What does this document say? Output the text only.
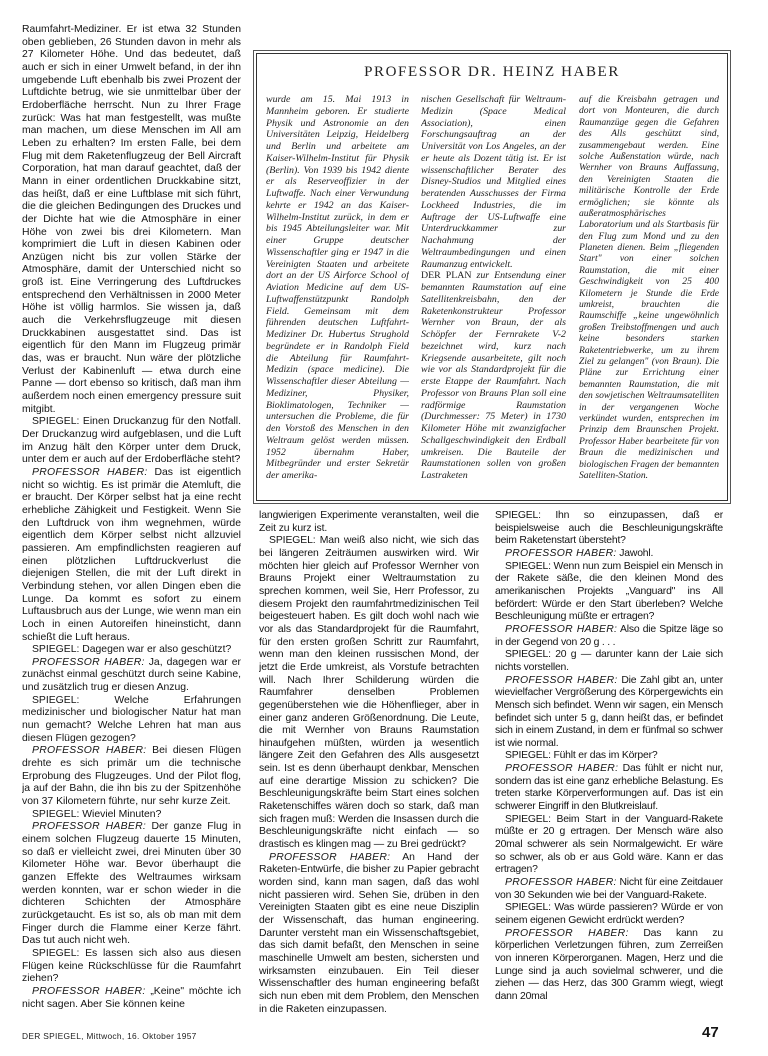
Raumfahrt-Mediziner. Er ist etwa 32 Stunden oben geblieben, 26 Stunden davon in mehr als 27 Kilometer Höhe. Und das bedeutet, daß auch er sich in einer Umwelt befand, in der ihn umgebende Luft ebenhalb bis zwei Prozent der Luftdichte betrug, wie sie unmittelbar über der Erdoberfläche herrscht. Nun zu Ihrer Frage zurück: Was hat man festgestellt, was mußte man machen, um diese Menschen im All am Leben zu erhalten? Im ersten Falle, bei dem Flug mit dem Raketenflugzeug der Bell Aircraft Corporation, hat man darauf geachtet, daß der Mann in einer ordentlichen Druckkabine sitzt, das heißt, daß er eine Luftblase mit sich führt, die die gleichen Bedingungen des Druckes und der Dichte hat wie die Atmosphäre in einer Höhe von zwei bis drei Kilometern. Man komprimiert die Luft in diesen Kabinen oder Anzügen nicht bis zur vollen Stärke der Atmosphäre, damit der Unterschied nicht so groß ist. Eine Verringerung des Luftdruckes entsprechend den Verhältnissen in 2000 Meter Höhe ist völlig harmlos. Sie wissen ja, daß auch die Verkehrsflugzeuge mit diesen Druckkabinen ausgestattet sind. Das ist eigentlich für den Mann im Flugzeug primär das, was er braucht. Nun wäre der plötzliche Verlust der Kabinenluft — etwa durch eine Panne — dort ebenso so kritisch, daß man ihm außerdem noch einen emergency pressure suit mitgibt.

SPIEGEL: Einen Druckanzug für den Notfall. Der Druckanzug wird aufgeblasen, und die Luft im Anzug hält den Körper unter dem Druck, unter dem er auch auf der Erdoberfläche steht?

PROFESSOR HABER: Das ist eigentlich nicht so wichtig. Es ist primär die Atemluft, die er braucht. Der Körper selbst hat ja eine recht erhebliche Zähigkeit und Festigkeit. Wenn Sie den Luftdruck von ihm wegnehmen, würde eigentlich dem Körper selbst nicht allzuviel passieren. Am empfindlichsten reagieren auf einen plötzlichen Luftdruckverlust die diejenigen Stellen, die mit der Luft direkt in Verbindung stehen, vor allen Dingen eben die Lunge. Da kommt es sofort zu einem Luftausbruch aus der Lunge, wie wenn man ein Loch in einen Autoreifen hineinsticht, dann schießt die Luft heraus.

SPIEGEL: Dagegen war er also geschützt?

PROFESSOR HABER: Ja, dagegen war er zunächst einmal geschützt durch seine Kabine, und zusätzlich trug er diesen Anzug.

SPIEGEL: Welche Erfahrungen medizinischer und biologischer Natur hat man nun gemacht? Welche Lehren hat man aus diesen Flügen gezogen?

PROFESSOR HABER: Bei diesen Flügen drehte es sich primär um die technische Erprobung des Flugzeuges. Und der Pilot flog, ja auf der Bahn, die ihn bis zu der Spitzenhöhe von 37 Kilometern führte, nur sehr kurze Zeit.

SPIEGEL: Wieviel Minuten?

PROFESSOR HABER: Der ganze Flug in einem solchen Flugzeug dauerte 15 Minuten, so daß er vielleicht zwei, drei Minuten über 30 Kilometer Höhe war. Bevor überhaupt die ganzen Effekte des Weltraumes wirksam werden konnten, war er schon wieder in die dichteren Schichten der Atmosphäre zurückgetaucht. Es ist so, als ob man mit dem Finger durch die Flamme einer Kerze fährt. Das tut auch nicht weh.

SPIEGEL: Es lassen sich also aus diesen Flügen keine Rückschlüsse für die Raumfahrt ziehen?

PROFESSOR HABER: „Keine" möchte ich nicht sagen. Aber Sie können keine

PROFESSOR DR. HEINZ HABER

wurde am 15. Mai 1913 in Mannheim geboren. Er studierte Physik und Astronomie an den Universitäten Leipzig, Heidelberg und Berlin und arbeitete am Kaiser-Wilhelm-Institut für Physik (Berlin). Von 1939 bis 1942 diente er als Reserveoffizier in der Luftwaffe. Nach einer Verwundung kehrte er 1942 an das Kaiser-Wilhelm-Institut zurück, in dem er bis 1945 Abteilungsleiter war. Mit einer Gruppe deutscher Wissenschaftler ging er 1947 in die Vereinigten Staaten und arbeitete dort an der US Airforce School of Aviation Medicine auf dem US-Luftwaffenstützpunkt Randolph Field. Gemeinsam mit dem führenden deutschen Luftfahrt-Mediziner Dr. Hubertus Strughold begründete er in Randolph Field die Abteilung für Raumfahrt-Medizin (space medicine). Die Wissenschaftler dieser Abteilung — Mediziner, Physiker, Bioklimatologen, Techniker — untersuchen die Probleme, die für den Vorstoß des Menschen in den Weltraum gelöst werden müssen. 1952 übernahm Haber, Mitbegründer und erster Sekretär der amerika-

nischen Gesellschaft für Weltraum-Medizin (Space Medical Association), einen Forschungsauftrag an der Universität von Los Angeles, an der er heute als Dozent tätig ist. Er ist wissenschaftlicher Berater des Disney-Studios und Mitglied eines beratenden Ausschusses der Firma Lockheed Industries, die im Auftrage der US-Luftwaffe eine Unterdruckkammer zur Nachahmung der Weltraumbedingungen und einen Raumanzug entwickelt.

DER PLAN zur Entsendung einer bemannten Raumstation auf eine Satellitenkreisbahn, den der Raketenkonstrukteur Professor Wernher von Braun, der als Schöpfer der Fernrakete V-2 bezeichnet wird, kurz nach Kriegsende ausarbeitete, gilt noch wie vor als Standardprojekt für die erste Etappe der Raumfahrt. Nach Professor von Brauns Plan soll eine radförmige Raumstation (Durchmesser: 75 Meter) in 1730 Kilometer Höhe mit zwanzigfacher Schallgeschwindigkeit den Erdball umkreisen. Die Bauteile der Raumstationen sollen von großen Lastraketen

auf die Kreisbahn getragen und dort von Monteuren, die durch Raumanzüge gegen die Gefahren des Alls geschützt sind, zusammengebaut werden. Eine solche Außenstation würde, nach Wernher von Brauns Auffassung, den Vereinigten Staaten die militärische Kontrolle der Erde ermöglichen; sie könnte als außeratmosphärisches Laboratorium und als Startbasis für den Flug zum Mond und zu den Planeten dienen. Beim „fliegenden Start" von einer solchen Raumstation, die mit einer Geschwindigkeit von 25 400 Kilometern je Stunde die Erde umkreist, brauchten die Raumschiffe „keine ungewöhnlich großen Treibstoffmengen und auch keine besonders starken Raketentriebwerke, um zu ihrem Ziel zu gelangen" (von Braun). Die Pläne zur Errichtung einer bemannten Raumstation, die mit den sowjetischen Weltraumsatelliten in der vergangenen Woche verkündet wurden, entsprechen im Prinzip dem Braunschen Projekt. Professor Haber bearbeitete für von Braun die medizinischen und biologischen Fragen der bemannten Satelliten-Station.

langwierigen Experimente veranstalten, weil die Zeit zu kurz ist.

SPIEGEL: Man weiß also nicht, wie sich das bei längeren Zeiträumen auswirken wird. Wir möchten hier gleich auf Professor Wernher von Brauns Projekt einer Weltraumstation zu sprechen kommen, weil Sie, Herr Professor, zu diesem Projekt den raumfahrtmedizinischen Teil beigesteuert haben. Es gilt doch wohl nach wie vor als das Standardprojekt für die Raumfahrt, für den ersten großen Schritt zur Raumfahrt, wenn man den kleinen russischen Mond, der jetzt die Erde umkreist, als Vorstufe betrachten will. Nach Ihrer Schilderung würden die Raumfahrer denselben Problemen gegenüberstehen wie die Höhenflieger, aber in einer ganz anderen Größenordnung. Die Leute, die mit Wernher von Brauns Raumstation hinaufgehen müßten, würden ja wesentlich längere Zeit den Gefahren des Alls ausgesetzt sein. Ist es denn überhaupt denkbar, Menschen auf eine derartige Mission zu schicken? Die Beschleunigungskräfte beim Start eines solchen Raketenschiffes wären doch so stark, daß man sich fragen muß: Werden die Insassen durch die Beschleunigungskräfte nicht einfach — so drastisch es klingen mag — zu Brei gedrückt?

PROFESSOR HABER: An Hand der Raketen-Entwürfe, die bisher zu Papier gebracht worden sind, kann man sagen, daß das wohl nicht passieren wird. Sehen Sie, drüben in den Vereinigten Staaten gibt es eine neue Disziplin der Wissenschaft, das human engineering. Darunter versteht man ein Wissenschaftsgebiet, das sich damit befaßt, den Menschen in seine maschinelle Umwelt am besten, sichersten und wirksamsten einzubauen. Ein Teil dieser Wissenschaftler des human engineering befaßt sich nun eben mit dem Problem, den Menschen in die Raketen einzupassen.

SPIEGEL: Ihn so einzupassen, daß er beispielsweise auch die Beschleunigungskräfte beim Raketenstart übersteht?

PROFESSOR HABER: Jawohl.

SPIEGEL: Wenn nun zum Beispiel ein Mensch in der Rakete säße, die den kleinen Mond des amerikanischen Projekts „Vanguard" ins All befördert: Würde er den Start überleben? Welche Beschleunigung müßte er ertragen?

PROFESSOR HABER: Also die Spitze läge so in der Gegend von 20 g . . .

SPIEGEL: 20 g — darunter kann der Laie sich nichts vorstellen.

PROFESSOR HABER: Die Zahl gibt an, unter wievielfacher Vergrößerung des Körpergewichts ein Mensch sich befindet. Wenn wir sagen, ein Mensch befindet sich unter 5 g, dann heißt das, er befindet sich in einem Zustand, in dem er fünfmal so schwer ist wie normal.

SPIEGEL: Fühlt er das im Körper?

PROFESSOR HABER: Das fühlt er nicht nur, sondern das ist eine ganz erhebliche Belastung. Es treten starke Körperverformungen auf. Das ist ein schwerer Eingriff in den Blutkreislauf.

SPIEGEL: Beim Start in der Vanguard-Rakete müßte er 20 g ertragen. Der Mensch wäre also 20mal schwerer als sein Normalgewicht. Er wäre so schwer, als ob er aus Gold wäre. Kann er das ertragen?

PROFESSOR HABER: Nicht für eine Zeitdauer von 30 Sekunden wie bei der Vanguard-Rakete.

SPIEGEL: Was würde passieren? Würde er von seinem eigenen Gewicht erdrückt werden?

PROFESSOR HABER: Das kann zu körperlichen Verletzungen führen, zum Zerreißen von inneren Körperorganen. Magen, Herz und die Lunge sind ja auch sovielmal schwerer, und die ziehen — das Herz, das 300 Gramm wiegt, wiegt dann 20mal

DER SPIEGEL, Mittwoch, 16. Oktober 1957	47
